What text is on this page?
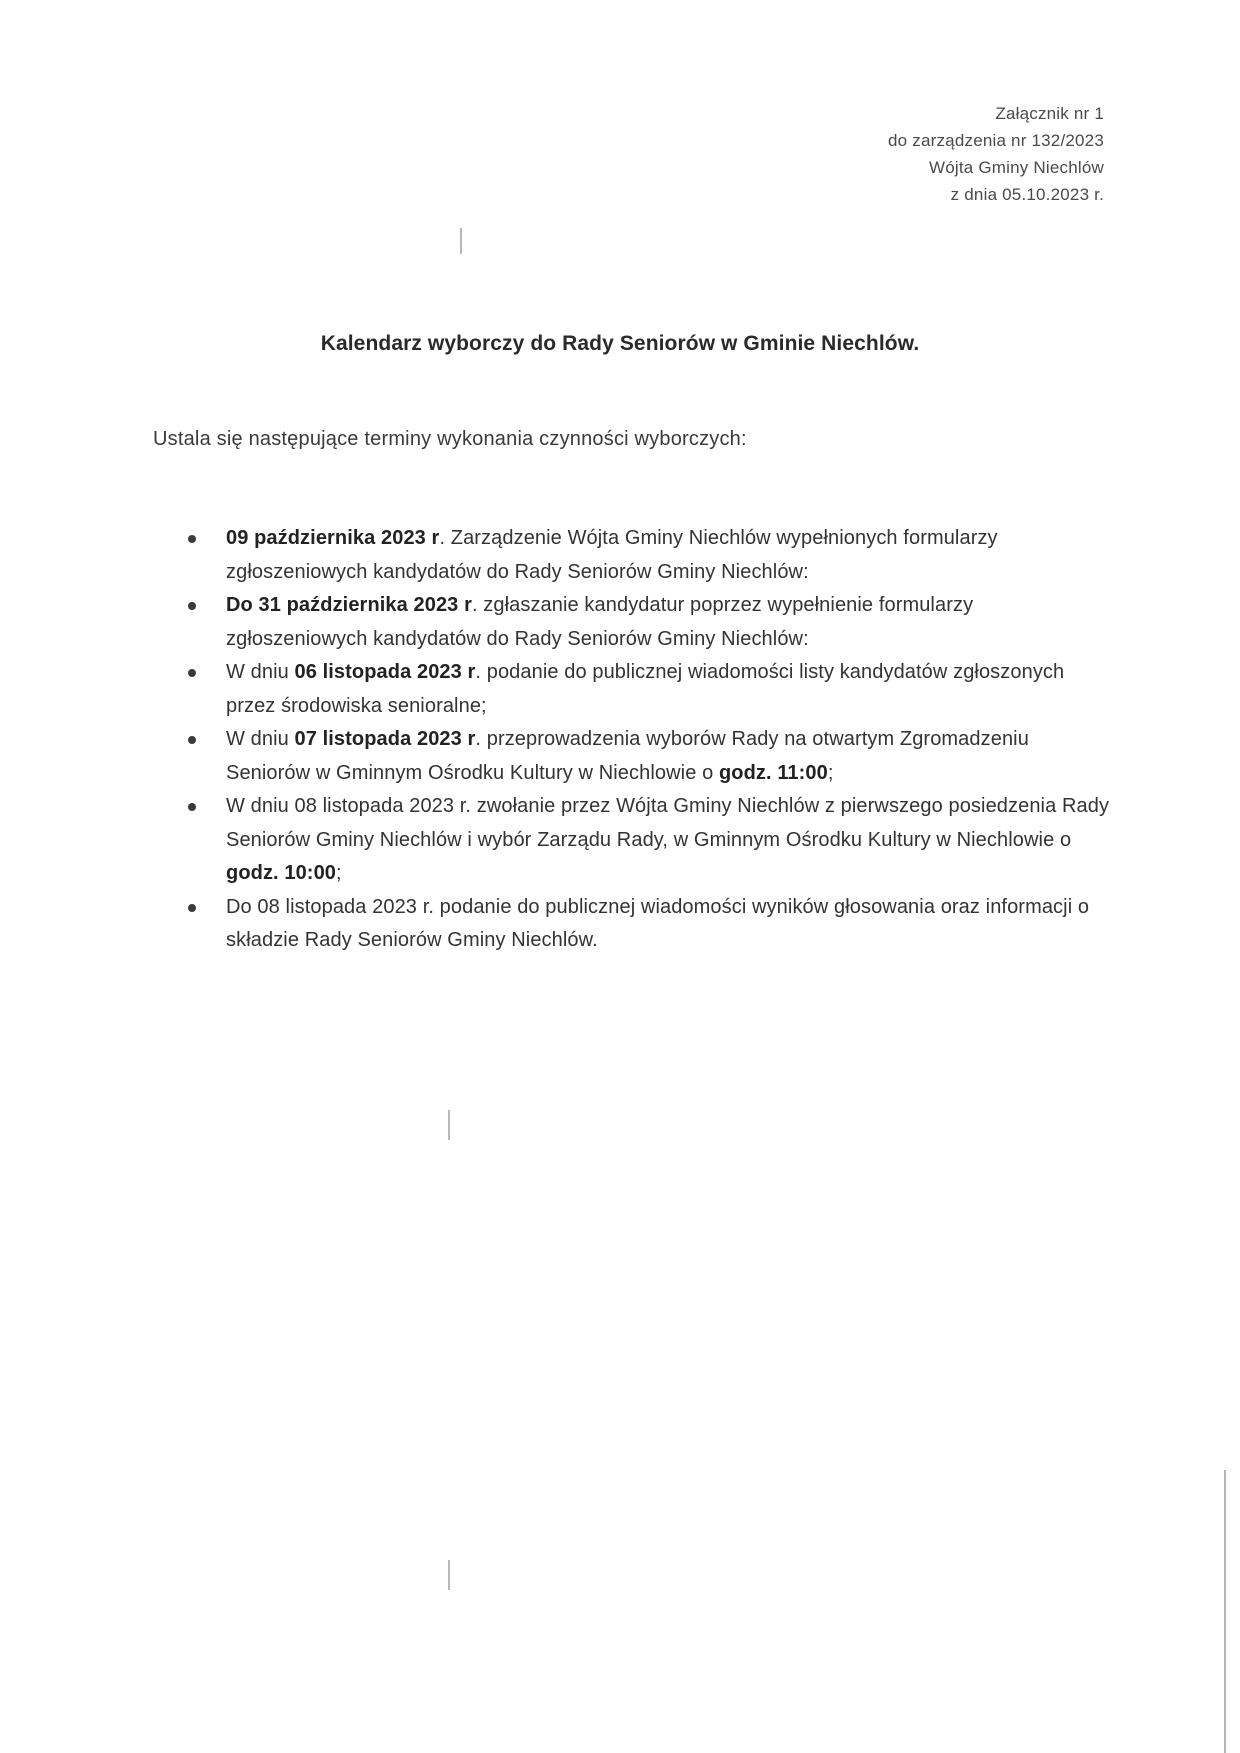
Załącznik nr 1
do zarządzenia nr 132/2023
Wójta Gminy Niechlów
z dnia 05.10.2023 r.
Kalendarz wyborczy do Rady Seniorów w Gminie Niechlów.
Ustala się następujące terminy wykonania czynności wyborczych:
09 października 2023 r. Zarządzenie Wójta Gminy Niechlów wypełnionych formularzy zgłoszeniowych kandydatów do Rady Seniorów Gminy Niechlów:
Do 31 października 2023 r. zgłaszanie kandydatur poprzez wypełnienie formularzy zgłoszeniowych kandydatów do Rady Seniorów Gminy Niechlów:
W dniu 06 listopada 2023 r. podanie do publicznej wiadomości listy kandydatów zgłoszonych przez środowiska senioralne;
W dniu 07 listopada 2023 r. przeprowadzenia wyborów Rady na otwartym Zgromadzeniu Seniorów w Gminnym Ośrodku Kultury w Niechlowie o godz. 11:00;
W dniu 08 listopada 2023 r. zwołanie przez Wójta Gminy Niechlów z pierwszego posiedzenia Rady Seniorów Gminy Niechlów i wybór Zarządu Rady, w Gminnym Ośrodku Kultury w Niechlowie o godz. 10:00;
Do 08 listopada 2023 r. podanie do publicznej wiadomości wyników głosowania oraz informacji o składzie Rady Seniorów Gminy Niechlów.
